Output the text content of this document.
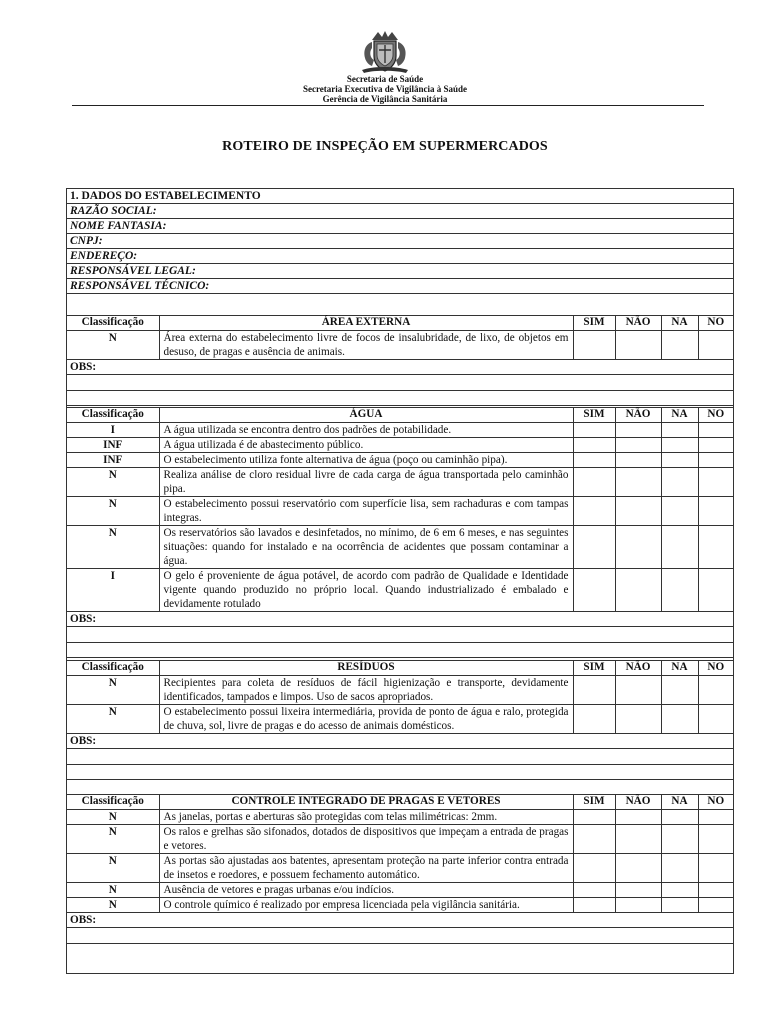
Secretaria de Saúde
Secretaria Executiva de Vigilância à Saúde
Gerência de Vigilância Sanitária
ROTEIRO DE INSPEÇÃO EM SUPERMERCADOS
1. DADOS DO ESTABELECIMENTO
RAZÃO SOCIAL:
NOME FANTASIA:
CNPJ:
ENDEREÇO:
RESPONSÁVEL LEGAL:
RESPONSÁVEL TÉCNICO:
Classificação	ÁREA EXTERNA	SIM	NÃO	NA	NO
N	Área externa do estabelecimento livre de focos de insalubridade, de lixo, de objetos em desuso, de pragas e ausência de animais.				
OBS:					

Classificação	ÁGUA	SIM	NÃO	NA	NO
I	A água utilizada se encontra dentro dos padrões de potabilidade.				
INF	A água utilizada é de abastecimento público.				
INF	O estabelecimento utiliza fonte alternativa de água (poço ou caminhão pipa).				
N	Realiza análise de cloro residual livre de cada carga de água transportada pelo caminhão pipa.				
N	O estabelecimento possui reservatório com superfície lisa, sem rachaduras e com tampas integras.				
N	Os reservatórios são lavados e desinfetados, no mínimo, de 6 em 6 meses, e nas seguintes situações: quando for instalado e na ocorrência de acidentes que possam contaminar a água.				
I	O gelo é proveniente de água potável, de acordo com padrão de Qualidade e Identidade vigente quando produzido no próprio local. Quando industrializado é embalado e devidamente rotulado				
OBS:					

Classificação	RESÍDUOS	SIM	NÃO	NA	NO
N	Recipientes para coleta de resíduos de fácil higienização e transporte, devidamente identificados, tampados e limpos. Uso de sacos apropriados.				
N	O estabelecimento possui lixeira intermediária, provida de ponto de água e ralo, protegida de chuva, sol, livre de pragas e do acesso de animais domésticos.				
OBS:					

Classificação	CONTROLE INTEGRADO DE PRAGAS E VETORES	SIM	NÃO	NA	NO
N	As janelas, portas e aberturas são protegidas com telas milimétricas: 2mm.				
N	Os ralos e grelhas são sifonados, dotados de dispositivos que impeçam a entrada de pragas e vetores.				
N	As portas são ajustadas aos batentes, apresentam proteção na parte inferior contra entrada de insetos e roedores, e possuem fechamento automático.				
N	Ausência de vetores e pragas urbanas e/ou indícios.				
N	O controle químico é realizado por empresa licenciada pela vigilância sanitária.				
OBS:					
